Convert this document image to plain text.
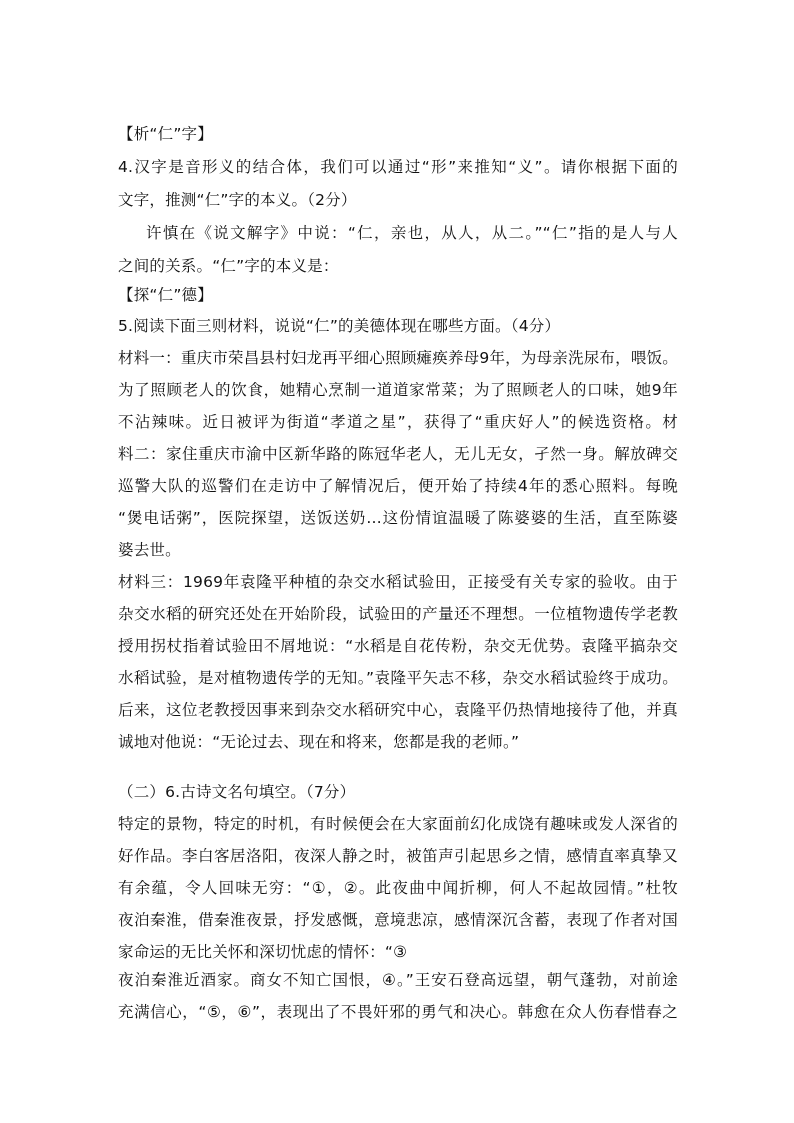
【析“仁”字】
4.汉字是音形义的结合体，我们可以通过“形”来推知“义”。请你根据下面的
文字，推测“仁”字的本义。（2分）
许慎在《说文解字》中说：“仁，亲也，从人，从二。”“仁”指的是人与人
之间的关系。“仁”字的本义是：
【探“仁”德】
5.阅读下面三则材料，说说“仁”的美德体现在哪些方面。（4分）
材料一：重庆市荣昌县村妇龙再平细心照顾瘫痪养母9年，为母亲洗尿布，喂饭。
为了照顾老人的饮食，她精心烹制一道道家常菜；为了照顾老人的口味，她9年
不沾辣味。近日被评为街道“孝道之星”，获得了“重庆好人”的候选资格。材
料二：家住重庆市渝中区新华路的陈冠华老人，无儿无女，孑然一身。解放碑交
巡警大队的巡警们在走访中了解情况后，便开始了持续4年的悉心照料。每晚
“煲电话粥”，医院探望，送饭送奶…这份情谊温暖了陈婆婆的生活，直至陈婆
婆去世。
材料三：1969年袁隆平种植的杂交水稻试验田，正接受有关专家的验收。由于
杂交水稻的研究还处在开始阶段，试验田的产量还不理想。一位植物遗传学老教
授用拐杖指着试验田不屑地说：“水稻是自花传粉，杂交无优势。袁隆平搞杂交
水稻试验，是对植物遗传学的无知。”袁隆平矢志不移，杂交水稻试验终于成功。
后来，这位老教授因事来到杂交水稻研究中心，袁隆平仍热情地接待了他，并真
诚地对他说：“无论过去、现在和将来，您都是我的老师。”
（二）6.古诗文名句填空。（7分）
特定的景物，特定的时机，有时候便会在大家面前幻化成饶有趣味或发人深省的
好作品。李白客居洛阳，夜深人静之时，被笛声引起思乡之情，感情直率真挚又
有余蕴，令人回味无穷：“①，②。此夜曲中闻折柳，何人不起故园情。”杜牧
夜泊秦淮，借秦淮夜景，抒发感慨，意境悲凉，感情深沉含蓄，表现了作者对国
家命运的无比关怀和深切忧虑的情怀：“③
夜泊秦淮近酒家。商女不知亡国恨，④。”王安石登高远望，朝气蓬勃，对前途
充满信心，“⑤，⑥”，表现出了不畏奸邪的勇气和决心。韩愈在众人伤春惜春之
